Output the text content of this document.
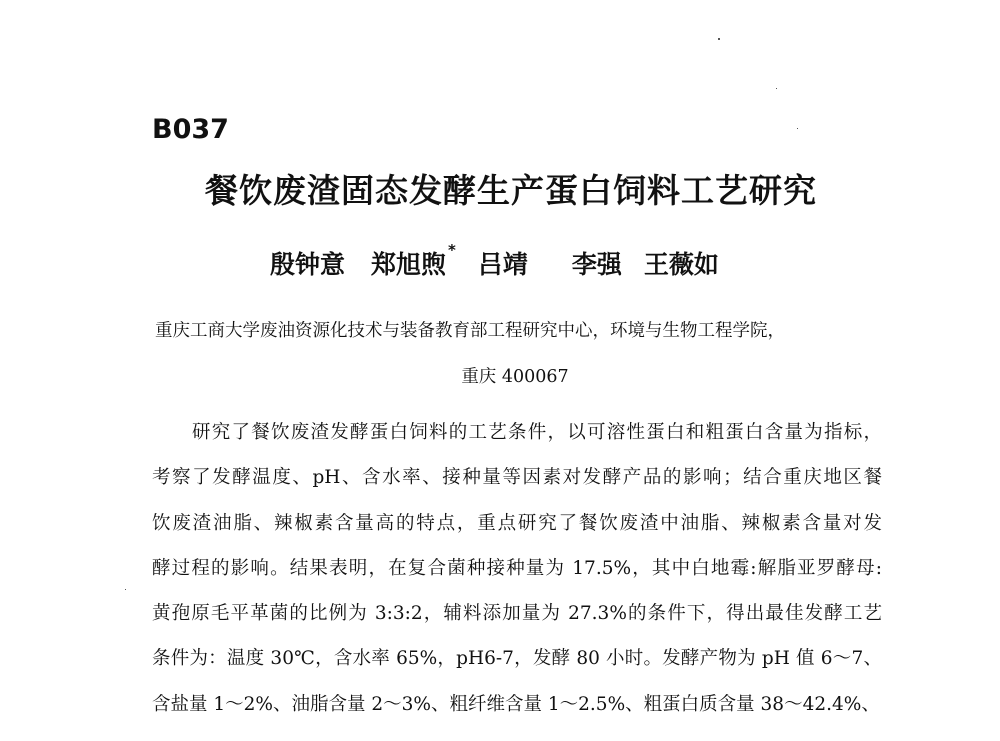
B037
餐饮废渣固态发酵生产蛋白饲料工艺研究
殷钟意 郑旭煦 * 吕靖 李强 王薇如
重庆工商大学废油资源化技术与装备教育部工程研究中心，环境与生物工程学院，
重庆 400067
研究了餐饮废渣发酵蛋白饲料的工艺条件，以可溶性蛋白和粗蛋白含量为指标，
考察了发酵温度、pH、含水率、接种量等因素对发酵产品的影响；结合重庆地区餐
饮废渣油脂、辣椒素含量高的特点，重点研究了餐饮废渣中油脂、辣椒素含量对发
酵过程的影响。结果表明，在复合菌种接种量为 17.5%，其中白地霉:解脂亚罗酵母:
黄孢原毛平革菌的比例为 3:3:2，辅料添加量为 27.3%的条件下，得出最佳发酵工艺
条件为：温度 30℃，含水率 65%，pH6-7，发酵 80 小时。发酵产物为 pH 值 6～7、
含盐量 1～2%、油脂含量 2～3%、粗纤维含量 1～2.5%、粗蛋白质含量 38～42.4%、
